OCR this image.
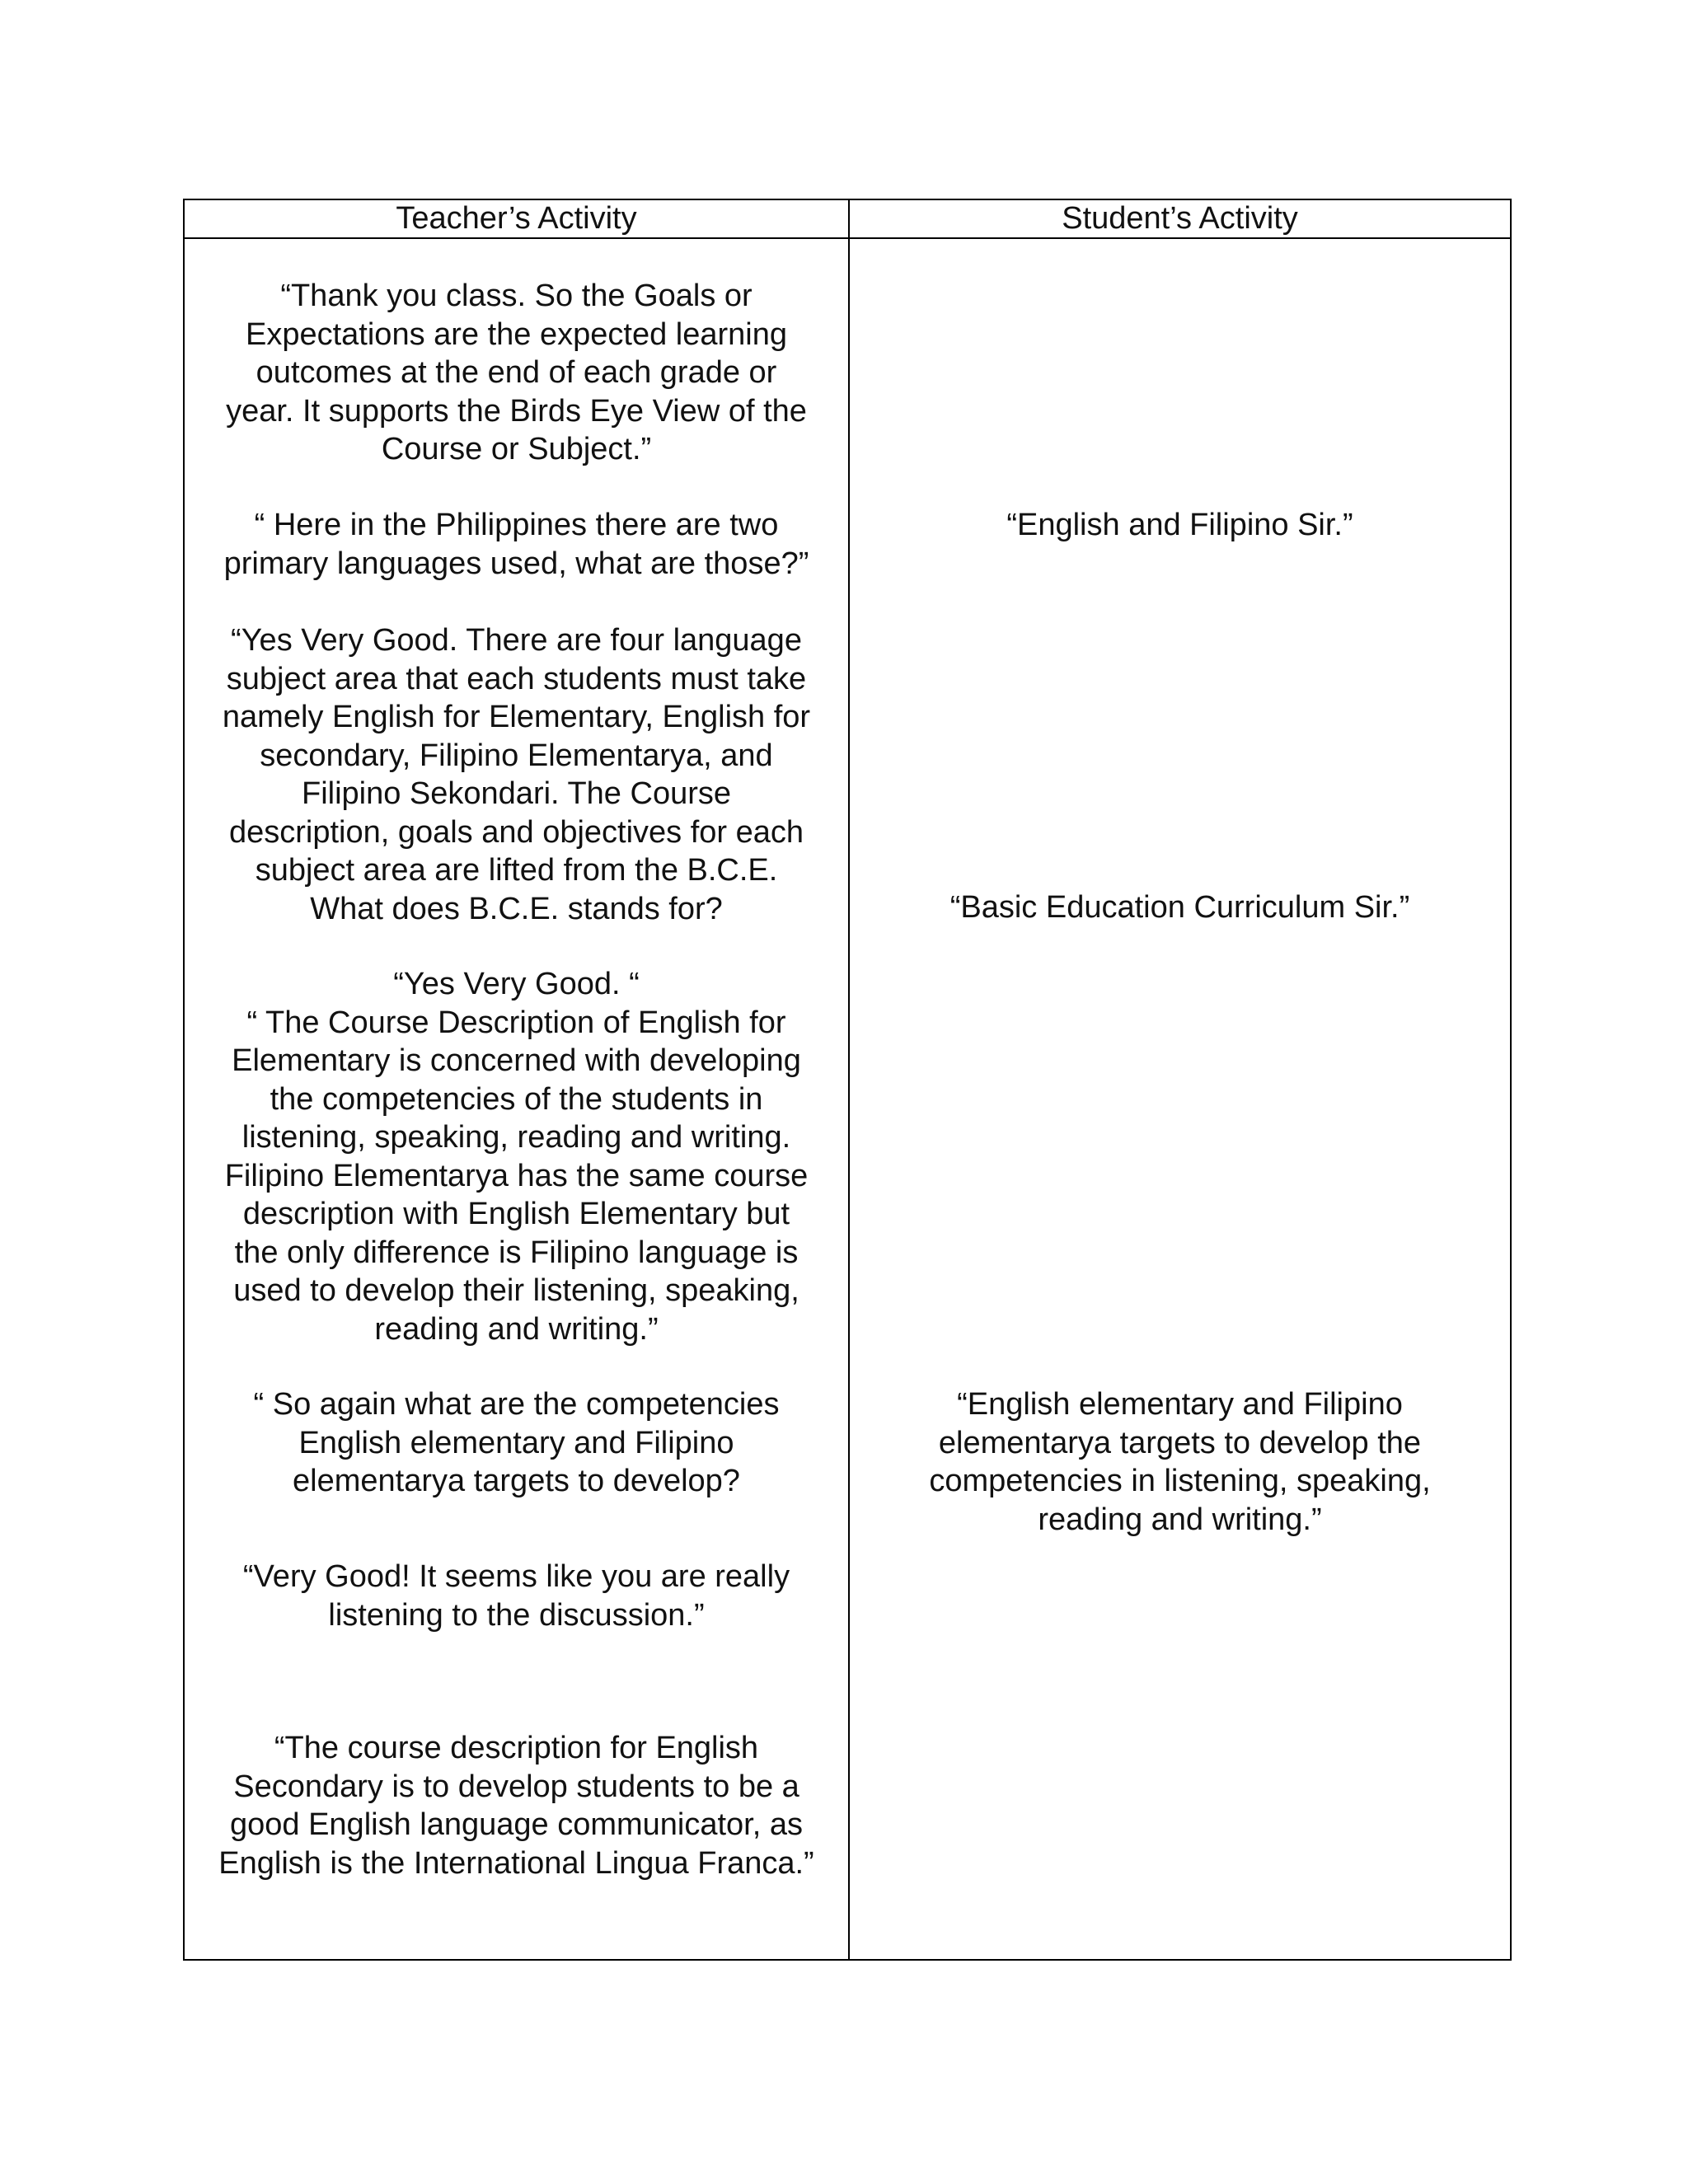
Teacher’s Activity	Student’s Activity
“Thank you class. So the Goals or
Expectations are the expected learning
outcomes at the end of each grade or
year. It supports the Birds Eye View of the
Course or Subject.”
“ Here in the Philippines there are two
primary languages used, what are those?”
“Yes Very Good. There are four language
subject area that each students must take
namely English for Elementary, English for
secondary, Filipino Elementarya, and
Filipino Sekondari. The Course
description, goals and objectives for each
subject area are lifted from the B.C.E.
What does B.C.E. stands for?
“Yes Very Good. “
“ The Course Description of English for
Elementary is concerned with developing
the competencies of the students in
listening, speaking, reading and writing.
Filipino Elementarya has the same course
description with English Elementary but
the only difference is Filipino language is
used to develop their listening, speaking,
reading and writing.”
“ So again what are the competencies
English elementary and Filipino
elementarya targets to develop?
“Very Good! It seems like you are really
listening to the discussion.”
“The course description for English
Secondary is to develop students to be a
good English language communicator, as
English is the International Lingua Franca.”
“English and Filipino Sir.”
“Basic Education Curriculum Sir.”
“English elementary and Filipino
elementarya targets to develop the
competencies in listening, speaking,
reading and writing.”
